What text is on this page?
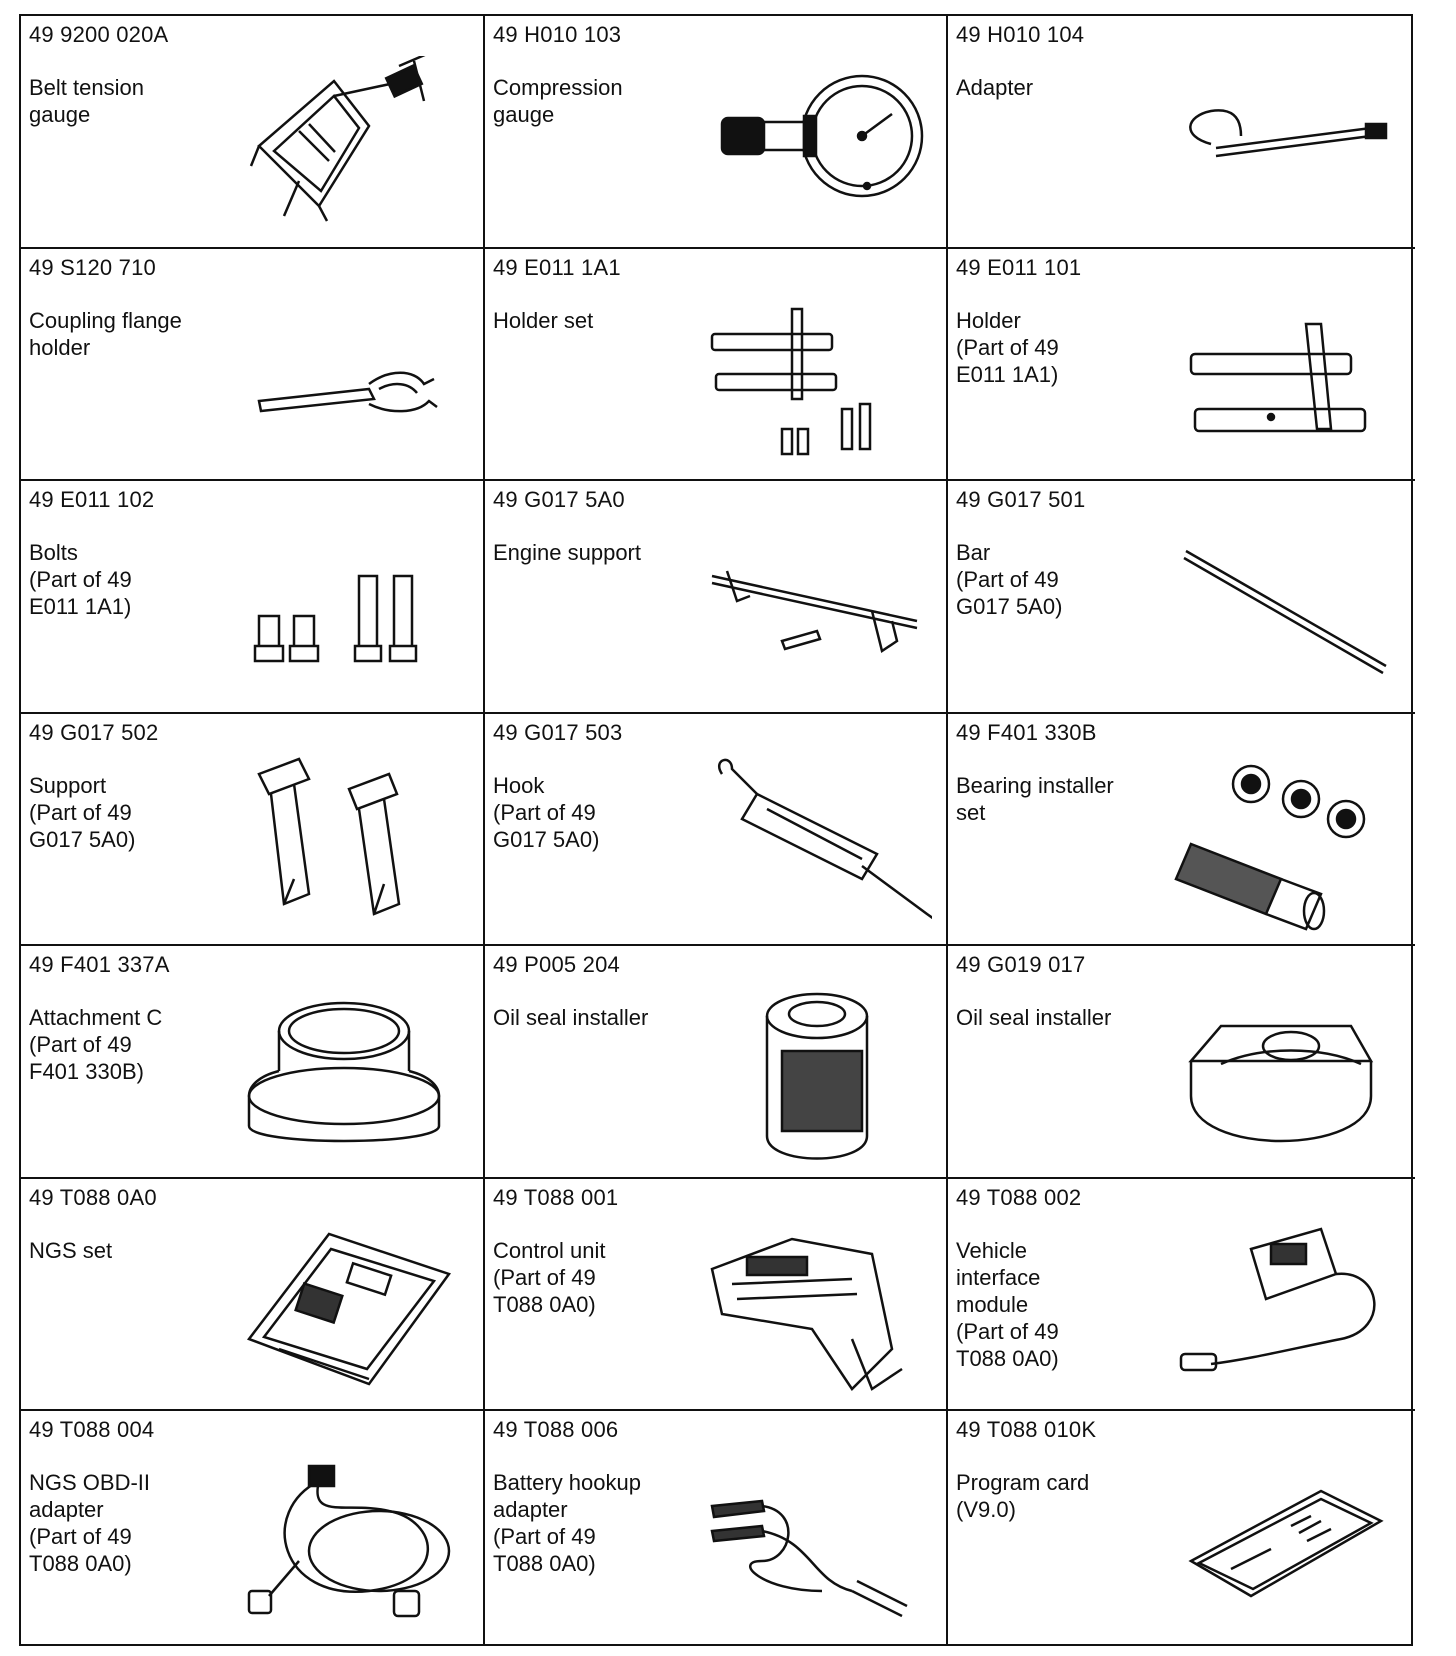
49 9200 020A
Belt tension
gauge
49 H010 103
Compression
gauge
49 H010 104
Adapter
49 S120 710
Coupling flange
holder
49 E011 1A1
Holder set
49 E011 101
Holder
(Part of 49
E011 1A1)
49 E011 102
Bolts
(Part of 49
E011 1A1)
49 G017 5A0
Engine support
49 G017 501
Bar
(Part of 49
G017 5A0)
49 G017 502
Support
(Part of 49
G017 5A0)
49 G017 503
Hook
(Part of 49
G017 5A0)
49 F401 330B
Bearing installer
set
49 F401 337A
Attachment C
(Part of 49
F401 330B)
49 P005 204
Oil seal installer
49 G019 017
Oil seal installer
49 T088 0A0
NGS set
49 T088 001
Control unit
(Part of 49
T088 0A0)
49 T088 002
Vehicle
interface
module
(Part of 49
T088 0A0)
49 T088 004
NGS OBD-II
adapter
(Part of 49
T088 0A0)
49 T088 006
Battery hookup
adapter
(Part of 49
T088 0A0)
49 T088 010K
Program card
(V9.0)
